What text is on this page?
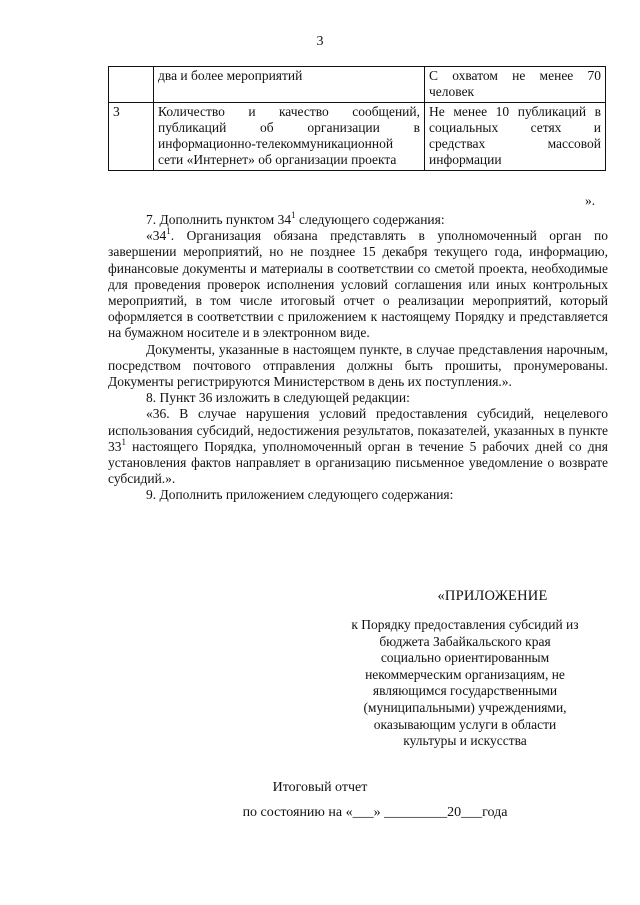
3
	два и более мероприятий	С охватом не менее 70 человек

3	Количество и качество сообщений, публикаций об организации в информационно-телекоммуникационной сети «Интернет» об организации проекта	Не менее 10 публикаций в социальных сетях и средствах массовой информации
».

7. Дополнить пунктом $34^1$ следующего содержания:

«$34^1$. Организация обязана представлять в уполномоченный орган по завершении мероприятий, но не позднее 15 декабря текущего года, информацию, финансовые документы и материалы в соответствии со сметой проекта, необходимые для проведения проверок исполнения условий соглашения или иных контрольных мероприятий, в том числе итоговый отчет о реализации мероприятий, который оформляется в соответствии с приложением к настоящему Порядку и представляется на бумажном носителе и в электронном виде.

Документы, указанные в настоящем пункте, в случае представления нарочным, посредством почтового отправления должны быть прошиты, пронумерованы. Документы регистрируются Министерством в день их поступления.».

8. Пункт 36 изложить в следующей редакции:

«36. В случае нарушения условий предоставления субсидий, нецелевого использования субсидий, недостижения результатов, показателей, указанных в пункте $33^1$ настоящего Порядка, уполномоченный орган в течение 5 рабочих дней со дня установления фактов направляет в организацию письменное уведомление о возврате субсидий.».

9. Дополнить приложением следующего содержания:

«ПРИЛОЖЕНИЕ
к Порядку предоставления субсидий из
бюджета Забайкальского края
социально ориентированным
некоммерческим организациям, не
являющимся государственными
(муниципальными) учреждениями,
оказывающим услуги в области
культуры и искусства
Итоговый отчет
по состоянию на «___» _________20___года
